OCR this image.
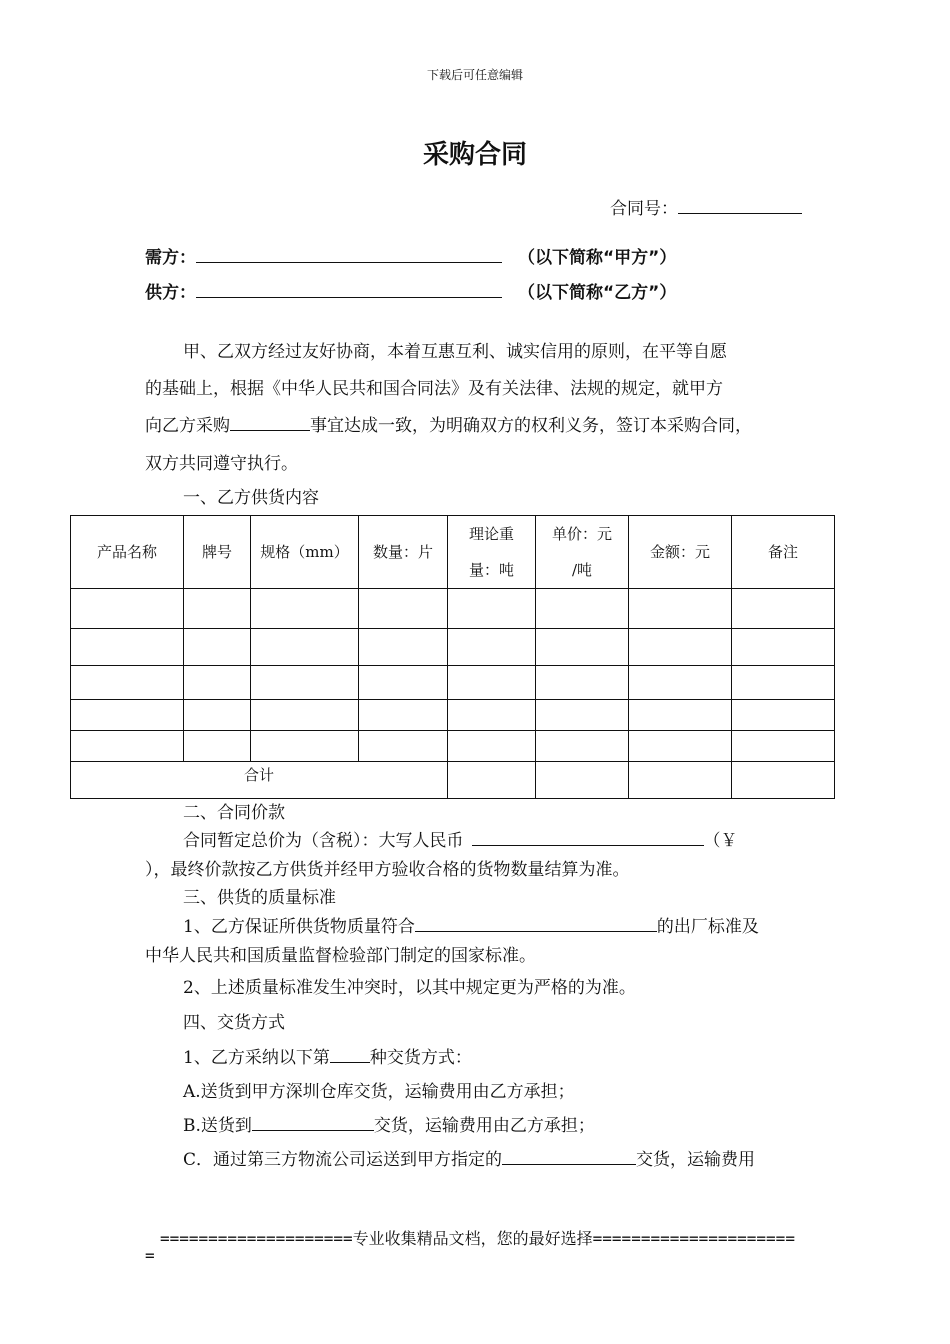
下载后可任意编辑
采购合同
合同号：
需方：	（以下简称“甲方”）
供方：	（以下简称“乙方”）
甲、乙双方经过友好协商，本着互惠互利、诚实信用的原则，在平等自愿
的基础上，根据《中华人民共和国合同法》及有关法律、法规的规定，就甲方
向乙方采购	事宜达成一致，为明确双方的权利义务，签订本采购合同，
双方共同遵守执行。
一、乙方供货内容
产品名称	牌号	规格（mm）	数量：片	理论重
量：吨	单价：元
/吨	金额：元	备注

合计							
二、合同价款
合同暂定总价为（含税）：大写人民币	（￥
），最终价款按乙方供货并经甲方验收合格的货物数量结算为准。
三、供货的质量标准
1、乙方保证所供货物质量符合	的出厂标准及
中华人民共和国质量监督检验部门制定的国家标准。
2、上述质量标准发生冲突时，以其中规定更为严格的为准。
四、交货方式
1、乙方采纳以下第 种交货方式：
A.送货到甲方深圳仓库交货，运输费用由乙方承担；
B.送货到	交货，运输费用由乙方承担；
C．通过第三方物流公司运送到甲方指定的	交货，运输费用
====================专业收集精品文档，您的最好选择=====================
=
